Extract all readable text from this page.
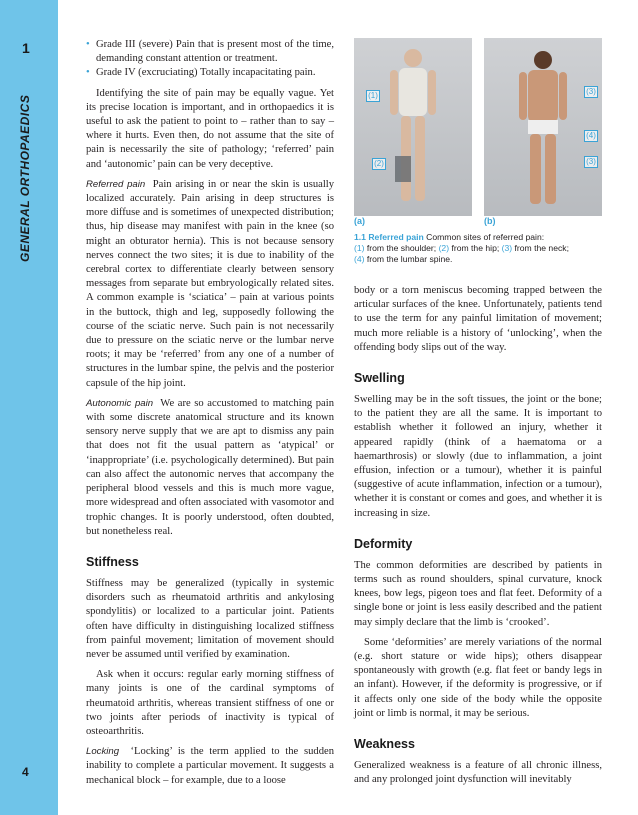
1
GENERAL ORTHOPAEDICS
4
• Grade III (severe) Pain that is present most of the time, demanding constant attention or treatment.
• Grade IV (excruciating) Totally incapacitating pain.

Identifying the site of pain may be equally vague. Yet its precise location is important, and in orthopaedics it is useful to ask the patient to point to – rather than to say – where it hurts. Even then, do not assume that the site of pain is necessarily the site of pathology; ‘referred’ pain and ‘autonomic’ pain can be very deceptive.

Referred pain Pain arising in or near the skin is usually localized accurately. Pain arising in deep structures is more diffuse and is sometimes of unexpected distribution; thus, hip disease may manifest with pain in the knee (so might an obturator hernia). This is not because sensory nerves connect the two sites; it is due to inability of the cerebral cortex to differentiate clearly between sensory messages from separate but embryologically related sites. A common example is ‘sciatica’ – pain at various points in the buttock, thigh and leg, supposedly following the course of the sciatic nerve. Such pain is not necessarily due to pressure on the sciatic nerve or the lumbar nerve roots; it may be ‘referred’ from any one of a number of structures in the lumbar spine, the pelvis and the posterior capsule of the hip joint.

Autonomic pain We are so accustomed to matching pain with some discrete anatomical structure and its known sensory nerve supply that we are apt to dismiss any pain that does not fit the usual pattern as ‘atypical’ or ‘inappropriate’ (i.e. psychologically determined). But pain can also affect the autonomic nerves that accompany the peripheral blood vessels and this is much more vague, more widespread and often associated with vasomotor and trophic changes. It is poorly understood, often doubted, but nonetheless real.

Stiffness

Stiffness may be generalized (typically in systemic disorders such as rheumatoid arthritis and ankylosing spondylitis) or localized to a particular joint. Patients often have difficulty in distinguishing localized stiffness from painful movement; limitation of movement should never be assumed until verified by examination.

Ask when it occurs: regular early morning stiffness of many joints is one of the cardinal symptoms of rheumatoid arthritis, whereas transient stiffness of one or two joints after periods of inactivity is typical of osteoarthritis.

Locking ‘Locking’ is the term applied to the sudden inability to complete a particular movement. It suggests a mechanical block – for example, due to a loose

(1)
(2)
(3)
(4)
(3)
(a)	(b)
1.1 Referred pain Common sites of referred pain:
(1) from the shoulder; (2) from the hip; (3) from the neck;
(4) from the lumbar spine.

body or a torn meniscus becoming trapped between the articular surfaces of the knee. Unfortunately, patients tend to use the term for any painful limitation of movement; much more reliable is a history of ‘unlocking’, when the offending body slips out of the way.

Swelling

Swelling may be in the soft tissues, the joint or the bone; to the patient they are all the same. It is important to establish whether it followed an injury, whether it appeared rapidly (think of a haematoma or a haemarthrosis) or slowly (due to inflammation, a joint effusion, infection or a tumour), whether it is painful (suggestive of acute inflammation, infection or a tumour), whether it is constant or comes and goes, and whether it is increasing in size.

Deformity

The common deformities are described by patients in terms such as round shoulders, spinal curvature, knock knees, bow legs, pigeon toes and flat feet. Deformity of a single bone or joint is less easily described and the patient may simply declare that the limb is ‘crooked’.

Some ‘deformities’ are merely variations of the normal (e.g. short stature or wide hips); others disappear spontaneously with growth (e.g. flat feet or bandy legs in an infant). However, if the deformity is progressive, or if it affects only one side of the body while the opposite joint or limb is normal, it may be serious.

Weakness

Generalized weakness is a feature of all chronic illness, and any prolonged joint dysfunction will inevitably
